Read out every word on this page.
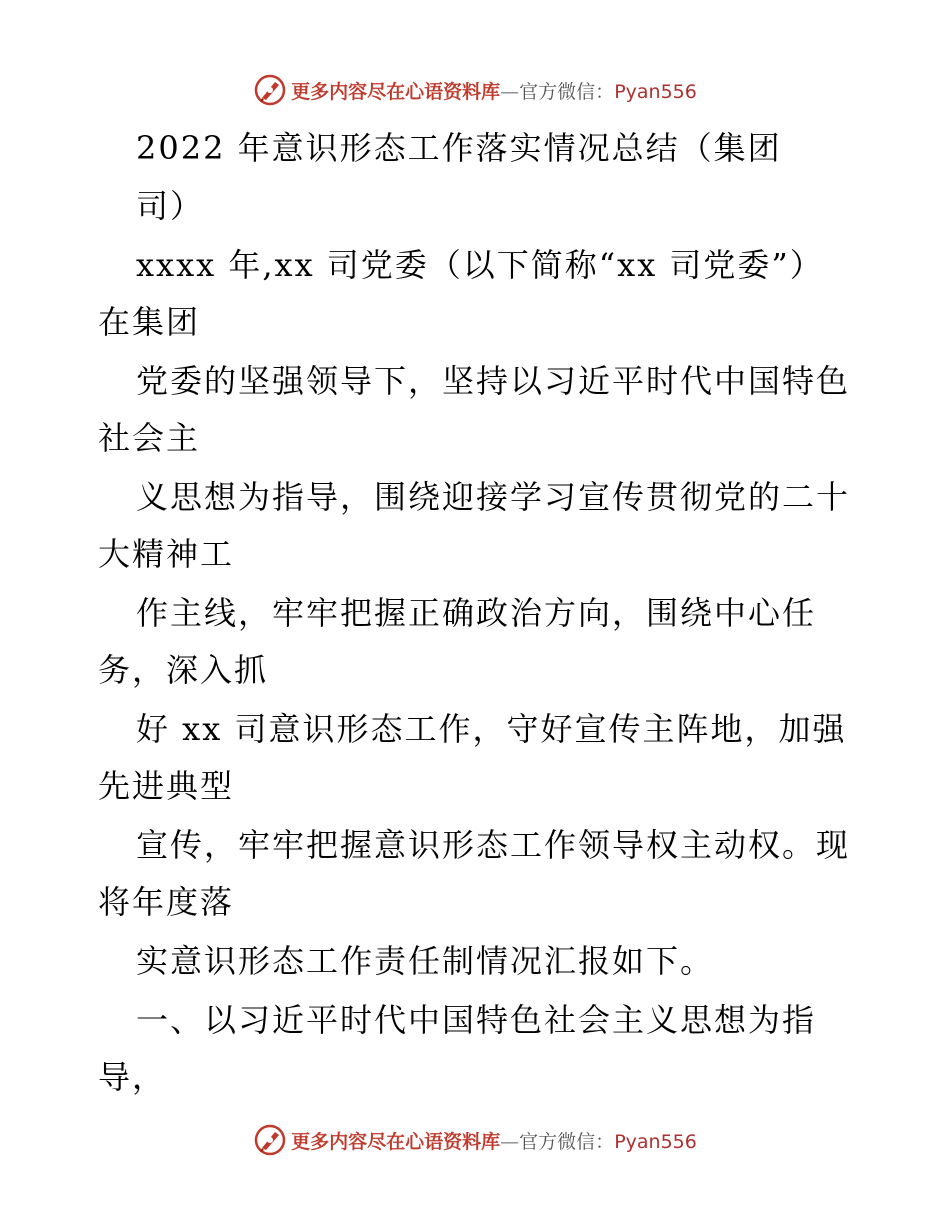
更多内容尽在心语资料库—官方微信：Pyan556
2022 年意识形态工作落实情况总结（集团
司）
xxxx 年,xx 司党委（以下简称“xx 司党委”）
在集团
党委的坚强领导下，坚持以习近平时代中国特色
社会主
义思想为指导，围绕迎接学习宣传贯彻党的二十
大精神工
作主线，牢牢把握正确政治方向，围绕中心任
务，深入抓
好 xx 司意识形态工作，守好宣传主阵地，加强
先进典型
宣传，牢牢把握意识形态工作领导权主动权。现
将年度落
实意识形态工作责任制情况汇报如下。
一、以习近平时代中国特色社会主义思想为指
导，
更多内容尽在心语资料库—官方微信：Pyan556
